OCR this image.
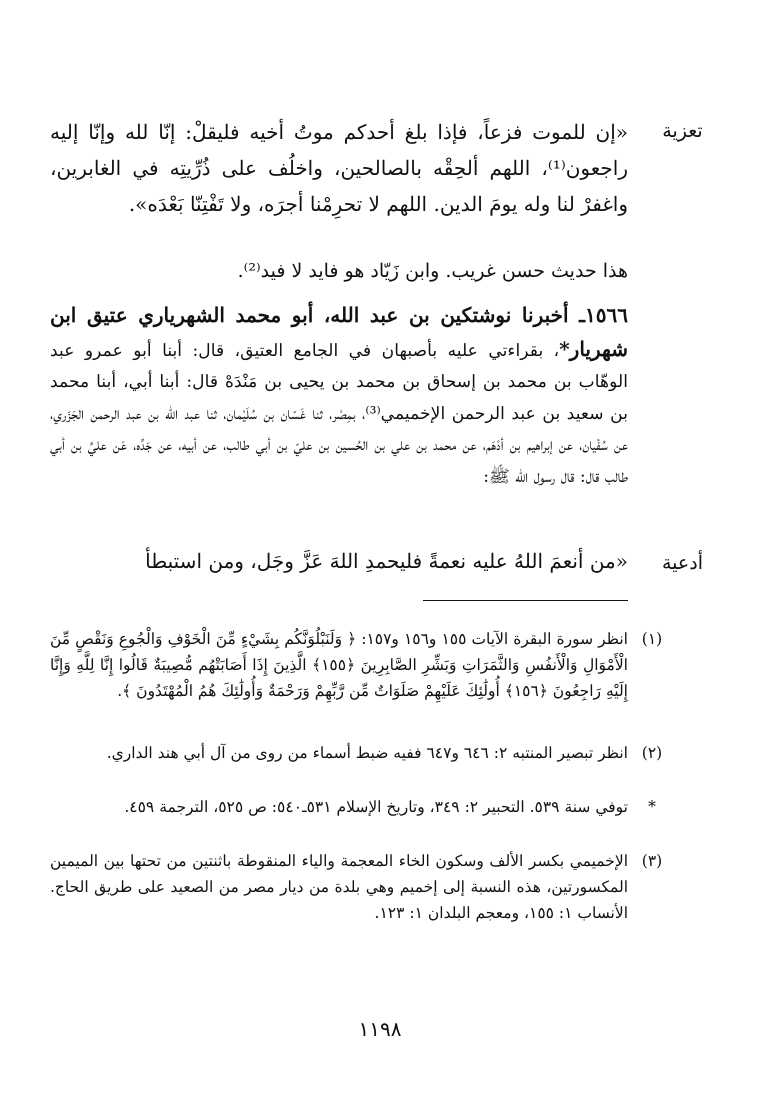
تعزية
أدعية
«إن للموت فزعاً، فإذا بلغ أحدكم موتُ أخيه فليقلْ: إنّا لله وإنّا إليه راجعون⁽¹⁾، اللهم ألحِقْه بالصالحين، واخلُف على ذُرِّيتِه في الغابرين، واغفرْ لنا وله يومَ الدين. اللهم لا تحرِمْنا أجرَه، ولا تَفْتِنّا بَعْدَه».
هذا حديث حسن غريب. وابن زَيّاد هو فايد لا فيد⁽²⁾.
١٥٦٦ـ أخبرنا نوشتكين بن عبد الله، أبو محمد الشهرياري عتيق ابن شهريار*، بقراءتي عليه بأصبهان في الجامع العتيق، قال: أبنا أبو عمرو عبد الوهّاب بن محمد بن إسحاق بن محمد بن يحيى بن مَنْدَهْ قال: أبنا أبي، أبنا محمد بن سعيد بن عبد الرحمن الإخميمي⁽³⁾، بمِصْر، ثنا غَسّان بن سُلَيْمان، ثنا عبد الله بن عبد الرحمن الجَزَري، عن سُفْيان، عن إبراهيم بن أدْهَم، عن محمد بن علي بن الحُسين بن عليّ بن أبي طالب، عن أبيه، عن جَدِّه، عَن عليِّ بن أبي طالب قال: قال رسول الله ﷺ:
«من أنعمَ اللهُ عليه نعمةً فليحمدِ اللهَ عَزَّ وجَل، ومن استبطأ
(١)
انظر سورة البقرة الآيات ١٥٥ و١٥٦ و١٥٧: ﴿ وَلَنَبْلُوَنَّكُم بِشَيْءٍ مِّنَ الْخَوْفِ وَالْجُوعِ وَنَقْصٍ مِّنَ الْأَمْوَالِ وَالْأَنفُسِ وَالثَّمَرَاتِ وَبَشِّرِ الصَّابِرِينَ ﴿١٥٥﴾ الَّذِينَ إِذَا أَصَابَتْهُم مُّصِيبَةٌ قَالُوا إِنَّا لِلَّهِ وَإِنَّا إِلَيْهِ رَاجِعُونَ ﴿١٥٦﴾ أُولَٰئِكَ عَلَيْهِمْ صَلَوَاتٌ مِّن رَّبِّهِمْ وَرَحْمَةٌ وَأُولَٰئِكَ هُمُ الْمُهْتَدُونَ ﴾.
(٢)
انظر تبصير المنتبه ٢: ٦٤٦ و٦٤٧ ففيه ضبط أسماء من روى من آل أبي هند الداري.
*
توفي سنة ٥٣٩. التحبير ٢: ٣٤٩، وتاريخ الإسلام ٥٣١ـ٥٤٠: ص ٥٢٥، الترجمة ٤٥٩.
(٣)
الإخميمي بكسر الألف وسكون الخاء المعجمة والياء المنقوطة باثنتين من تحتها بين الميمين المكسورتين، هذه النسبة إلى إخميم وهي بلدة من ديار مصر من الصعيد على طريق الحاج. الأنساب ١: ١٥٥، ومعجم البلدان ١: ١٢٣.
١١٩٨
